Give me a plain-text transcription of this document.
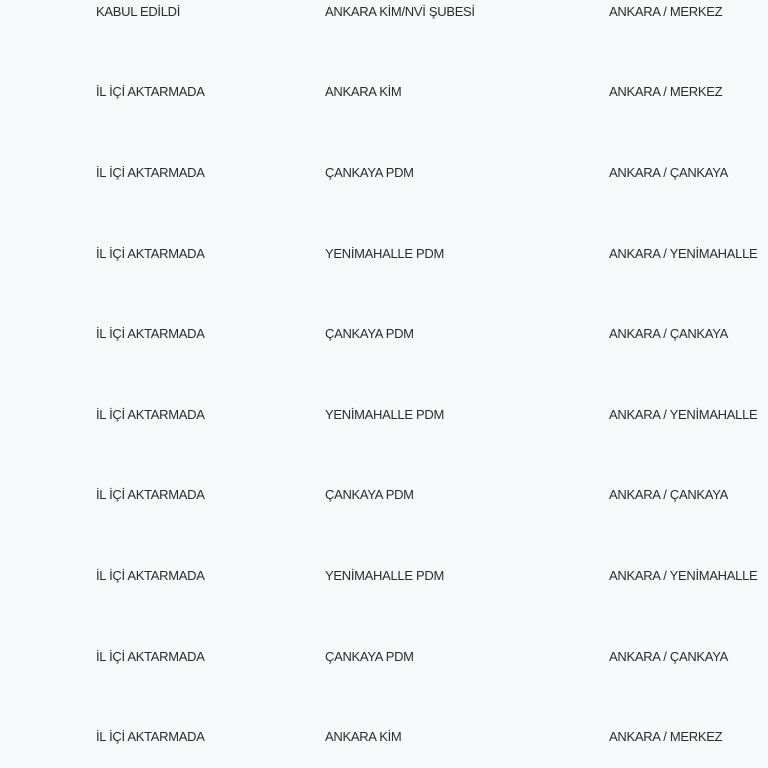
KABUL EDİLDİ	ANKARA KİM/NVİ ŞUBESİ	ANKARA / MERKEZ
İL İÇİ AKTARMADA	ANKARA KİM	ANKARA / MERKEZ
İL İÇİ AKTARMADA	ÇANKAYA PDM	ANKARA / ÇANKAYA
İL İÇİ AKTARMADA	YENİMAHALLE PDM	ANKARA / YENİMAHALLE
İL İÇİ AKTARMADA	ÇANKAYA PDM	ANKARA / ÇANKAYA
İL İÇİ AKTARMADA	YENİMAHALLE PDM	ANKARA / YENİMAHALLE
İL İÇİ AKTARMADA	ÇANKAYA PDM	ANKARA / ÇANKAYA
İL İÇİ AKTARMADA	YENİMAHALLE PDM	ANKARA / YENİMAHALLE
İL İÇİ AKTARMADA	ÇANKAYA PDM	ANKARA / ÇANKAYA
İL İÇİ AKTARMADA	ANKARA KİM	ANKARA / MERKEZ
